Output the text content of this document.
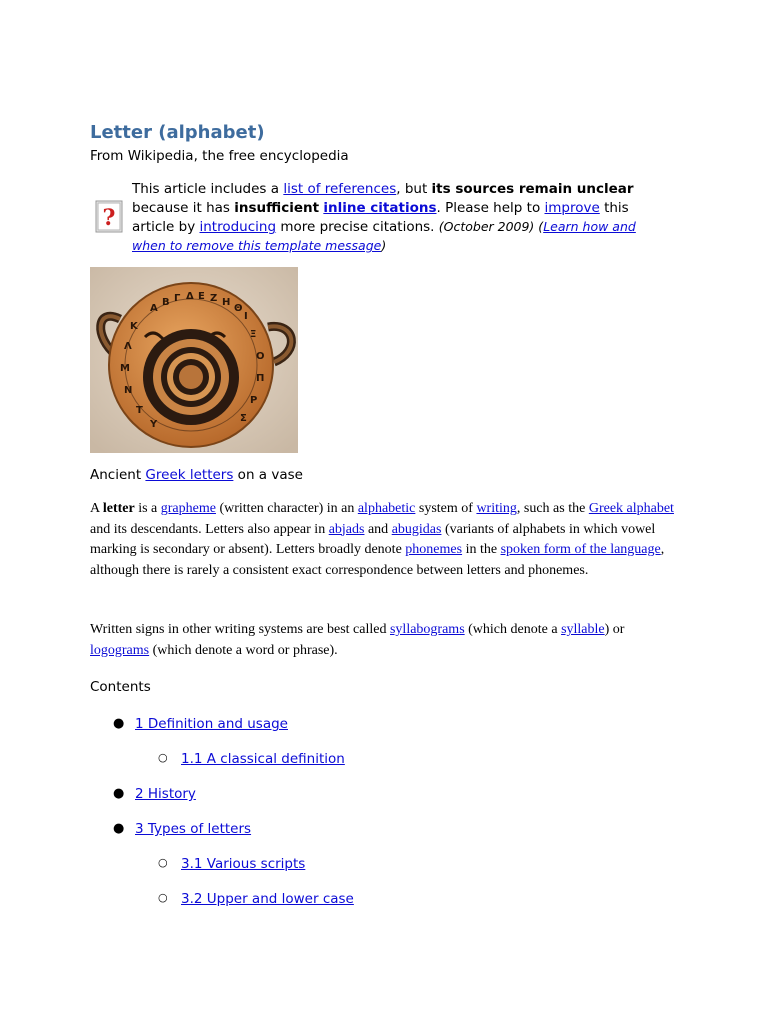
Letter (alphabet)

From Wikipedia, the free encyclopedia

?

This article includes a list of references, but its sources remain unclear because it has insufficient inline citations. Please help to improve this article by introducing more precise citations. (October 2009) (Learn how and when to remove this template message)

A
B Γ Δ E Z H
Θ
I
K
Λ
M
N
Ξ
O
Π
P
Σ
T
Y

Ancient Greek letters on a vase

A letter is a grapheme (written character) in an alphabetic system of writing, such as the Greek alphabet and its descendants. Letters also appear in abjads and abugidas (variants of alphabets in which vowel marking is secondary or absent). Letters broadly denote phonemes in the spoken form of the language, although there is rarely a consistent exact correspondence between letters and phonemes.

Written signs in other writing systems are best called syllabograms (which denote a syllable) or logograms (which denote a word or phrase).

Contents

● 1 Definition and usage
○ 1.1 A classical definition
● 2 History
● 3 Types of letters
○ 3.1 Various scripts
○ 3.2 Upper and lower case
